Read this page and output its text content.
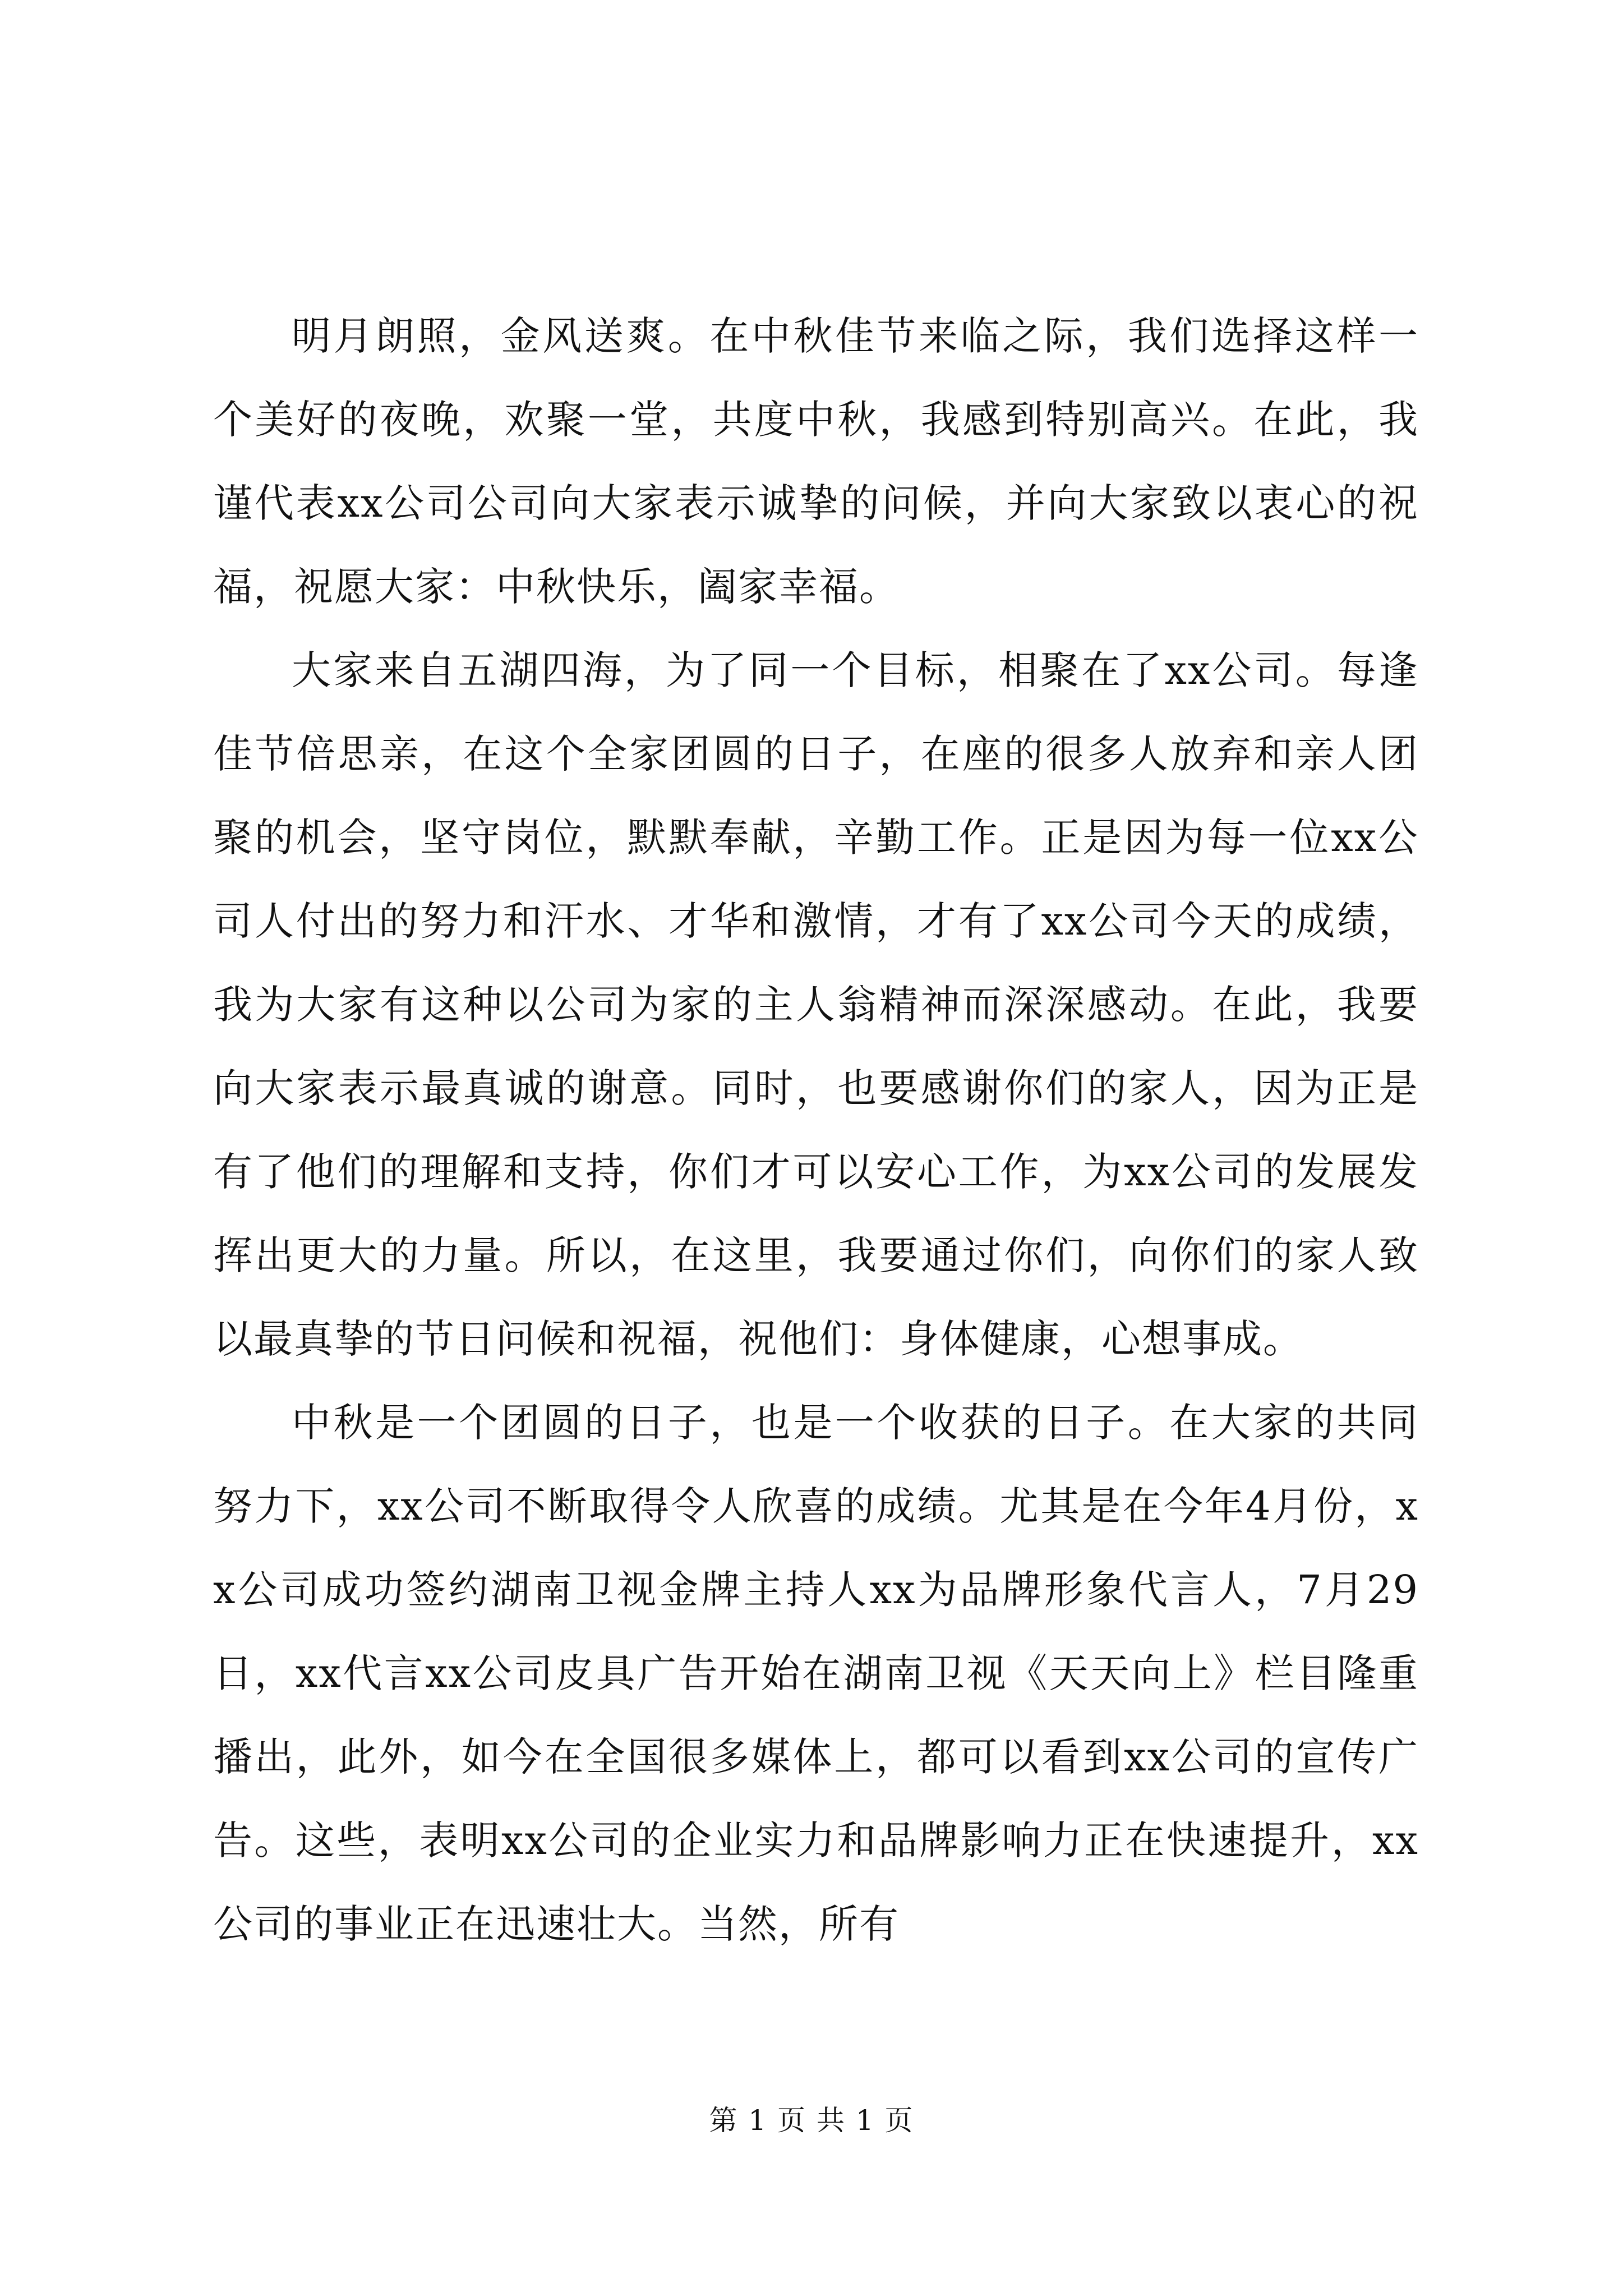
明月朗照，金风送爽。在中秋佳节来临之际，我们选择这样一个美好的夜晚，欢聚一堂，共度中秋，我感到特别高兴。在此，我谨代表xx公司公司向大家表示诚挚的问候，并向大家致以衷心的祝福，祝愿大家：中秋快乐，阖家幸福。

大家来自五湖四海，为了同一个目标，相聚在了xx公司。每逢佳节倍思亲，在这个全家团圆的日子，在座的很多人放弃和亲人团聚的机会，坚守岗位，默默奉献，辛勤工作。正是因为每一位xx公司人付出的努力和汗水、才华和激情，才有了xx公司今天的成绩，我为大家有这种以公司为家的主人翁精神而深深感动。在此，我要向大家表示最真诚的谢意。同时，也要感谢你们的家人，因为正是有了他们的理解和支持，你们才可以安心工作，为xx公司的发展发挥出更大的力量。所以，在这里，我要通过你们，向你们的家人致以最真挚的节日问候和祝福，祝他们：身体健康，心想事成。

中秋是一个团圆的日子，也是一个收获的日子。在大家的共同努力下，xx公司不断取得令人欣喜的成绩。尤其是在今年4月份，xx公司成功签约湖南卫视金牌主持人xx为品牌形象代言人，7月29日，xx代言xx公司皮具广告开始在湖南卫视《天天向上》栏目隆重播出，此外，如今在全国很多媒体上，都可以看到xx公司的宣传广告。这些，表明xx公司的企业实力和品牌影响力正在快速提升，xx公司的事业正在迅速壮大。当然，所有

第 1 页 共 1 页
